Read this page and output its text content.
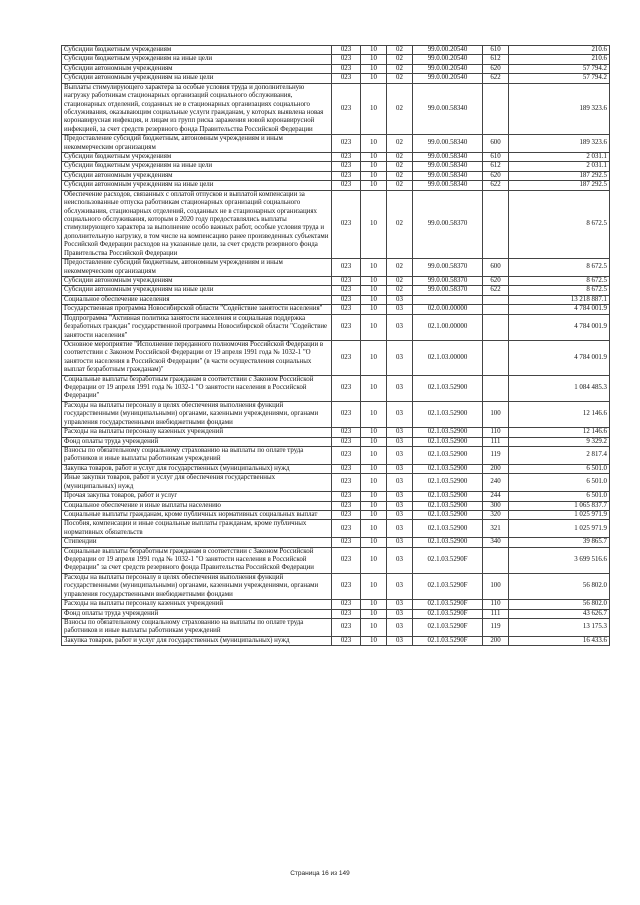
Субсидии бюджетным учреждениям	023	10	02	99.0.00.20540	610	210.6
Субсидии бюджетным учреждениям на иные цели	023	10	02	99.0.00.20540	612	210.6
Субсидии автономным учреждениям	023	10	02	99.0.00.20540	620	57 794.2
Субсидии автономным учреждениям на иные цели	023	10	02	99.0.00.20540	622	57 794.2
Выплаты стимулирующего характера за особые условия труда и дополнительную нагрузку работникам стационарных организаций социального обслуживания, стационарных отделений, созданных не в стационарных организациях социального обслуживания, оказывающим социальные услуги гражданам, у которых выявлена новая коронавирусная инфекция, и лицам из групп риска заражения новой коронавирусной инфекцией, за счет средств резервного фонда Правительства Российской Федерации	023	10	02	99.0.00.58340		189 323.6
Предоставление субсидий бюджетным, автономным учреждениям и иным некоммерческим организациям	023	10	02	99.0.00.58340	600	189 323.6
Субсидии бюджетным учреждениям	023	10	02	99.0.00.58340	610	2 031.1
Субсидии бюджетным учреждениям на иные цели	023	10	02	99.0.00.58340	612	2 031.1
Субсидии автономным учреждениям	023	10	02	99.0.00.58340	620	187 292.5
Субсидии автономным учреждениям на иные цели	023	10	02	99.0.00.58340	622	187 292.5
Обеспечение расходов, связанных с оплатой отпусков и выплатой компенсации за неиспользованные отпуска работникам стационарных организаций социального обслуживания, стационарных отделений, созданных не в стационарных организациях социального обслуживания, которым в 2020 году предоставлялись выплаты стимулирующего характера за выполнение особо важных работ, особые условия труда и дополнительную нагрузку, в том числе на компенсацию ранее произведенных субъектами Российской Федерации расходов на указанные цели, за счет средств резервного фонда Правительства Российской Федерации	023	10	02	99.0.00.58370		8 672.5
Предоставление субсидий бюджетным, автономным учреждениям и иным некоммерческим организациям	023	10	02	99.0.00.58370	600	8 672.5
Субсидии автономным учреждениям	023	10	02	99.0.00.58370	620	8 672.5
Субсидии автономным учреждениям на иные цели	023	10	02	99.0.00.58370	622	8 672.5
Социальное обеспечение населения	023	10	03			13 218 887.1
Государственная программа Новосибирской области "Содействие занятости населения"	023	10	03	02.0.00.00000		4 784 001.9
Подпрограмма "Активная политика занятости населения и социальная поддержка безработных граждан" государственной программы Новосибирской области "Содействие занятости населения"	023	10	03	02.1.00.00000		4 784 001.9
Основное мероприятие "Исполнение переданного полномочия Российской Федерации в соответствии с Законом Российской Федерации от 19 апреля 1991 года № 1032-1 "О занятости населения в Российской Федерации" (в части осуществления социальных выплат безработным гражданам)"	023	10	03	02.1.03.00000		4 784 001.9
Социальные выплаты безработным гражданам в соответствии с Законом Российской Федерации от 19 апреля 1991 года № 1032-1 "О занятости населения в Российской Федерации"	023	10	03	02.1.03.52900		1 084 485.3
Расходы на выплаты персоналу в целях обеспечения выполнения функций государственными (муниципальными) органами, казенными учреждениями, органами управления государственными внебюджетными фондами	023	10	03	02.1.03.52900	100	12 146.6
Расходы на выплаты персоналу казенных учреждений	023	10	03	02.1.03.52900	110	12 146.6
Фонд оплаты труда учреждений	023	10	03	02.1.03.52900	111	9 329.2
Взносы по обязательному социальному страхованию на выплаты по оплате труда работников и иные выплаты работникам учреждений	023	10	03	02.1.03.52900	119	2 817.4
Закупка товаров, работ и услуг для государственных (муниципальных) нужд	023	10	03	02.1.03.52900	200	6 501.0
Иные закупки товаров, работ и услуг для обеспечения государственных (муниципальных) нужд	023	10	03	02.1.03.52900	240	6 501.0
Прочая закупка товаров, работ и услуг	023	10	03	02.1.03.52900	244	6 501.0
Социальное обеспечение и иные выплаты населению	023	10	03	02.1.03.52900	300	1 065 837.7
Социальные выплаты гражданам, кроме публичных нормативных социальных выплат	023	10	03	02.1.03.52900	320	1 025 971.9
Пособия, компенсации и иные социальные выплаты гражданам, кроме публичных нормативных обязательств	023	10	03	02.1.03.52900	321	1 025 971.9
Стипендии	023	10	03	02.1.03.52900	340	39 865.7
Социальные выплаты безработным гражданам в соответствии с Законом Российской Федерации от 19 апреля 1991 года № 1032-1 "О занятости населения в Российской Федерации" за счет средств резервного фонда Правительства Российской Федерации	023	10	03	02.1.03.5290F		3 699 516.6
Расходы на выплаты персоналу в целях обеспечения выполнения функций государственными (муниципальными) органами, казенными учреждениями, органами управления государственными внебюджетными фондами	023	10	03	02.1.03.5290F	100	56 802.0
Расходы на выплаты персоналу казенных учреждений	023	10	03	02.1.03.5290F	110	56 802.0
Фонд оплаты труда учреждений	023	10	03	02.1.03.5290F	111	43 626.7
Взносы по обязательному социальному страхованию на выплаты по оплате труда работников и иные выплаты работникам учреждений	023	10	03	02.1.03.5290F	119	13 175.3
Закупка товаров, работ и услуг для государственных (муниципальных) нужд	023	10	03	02.1.03.5290F	200	16 433.6
Страница 16 из 149
